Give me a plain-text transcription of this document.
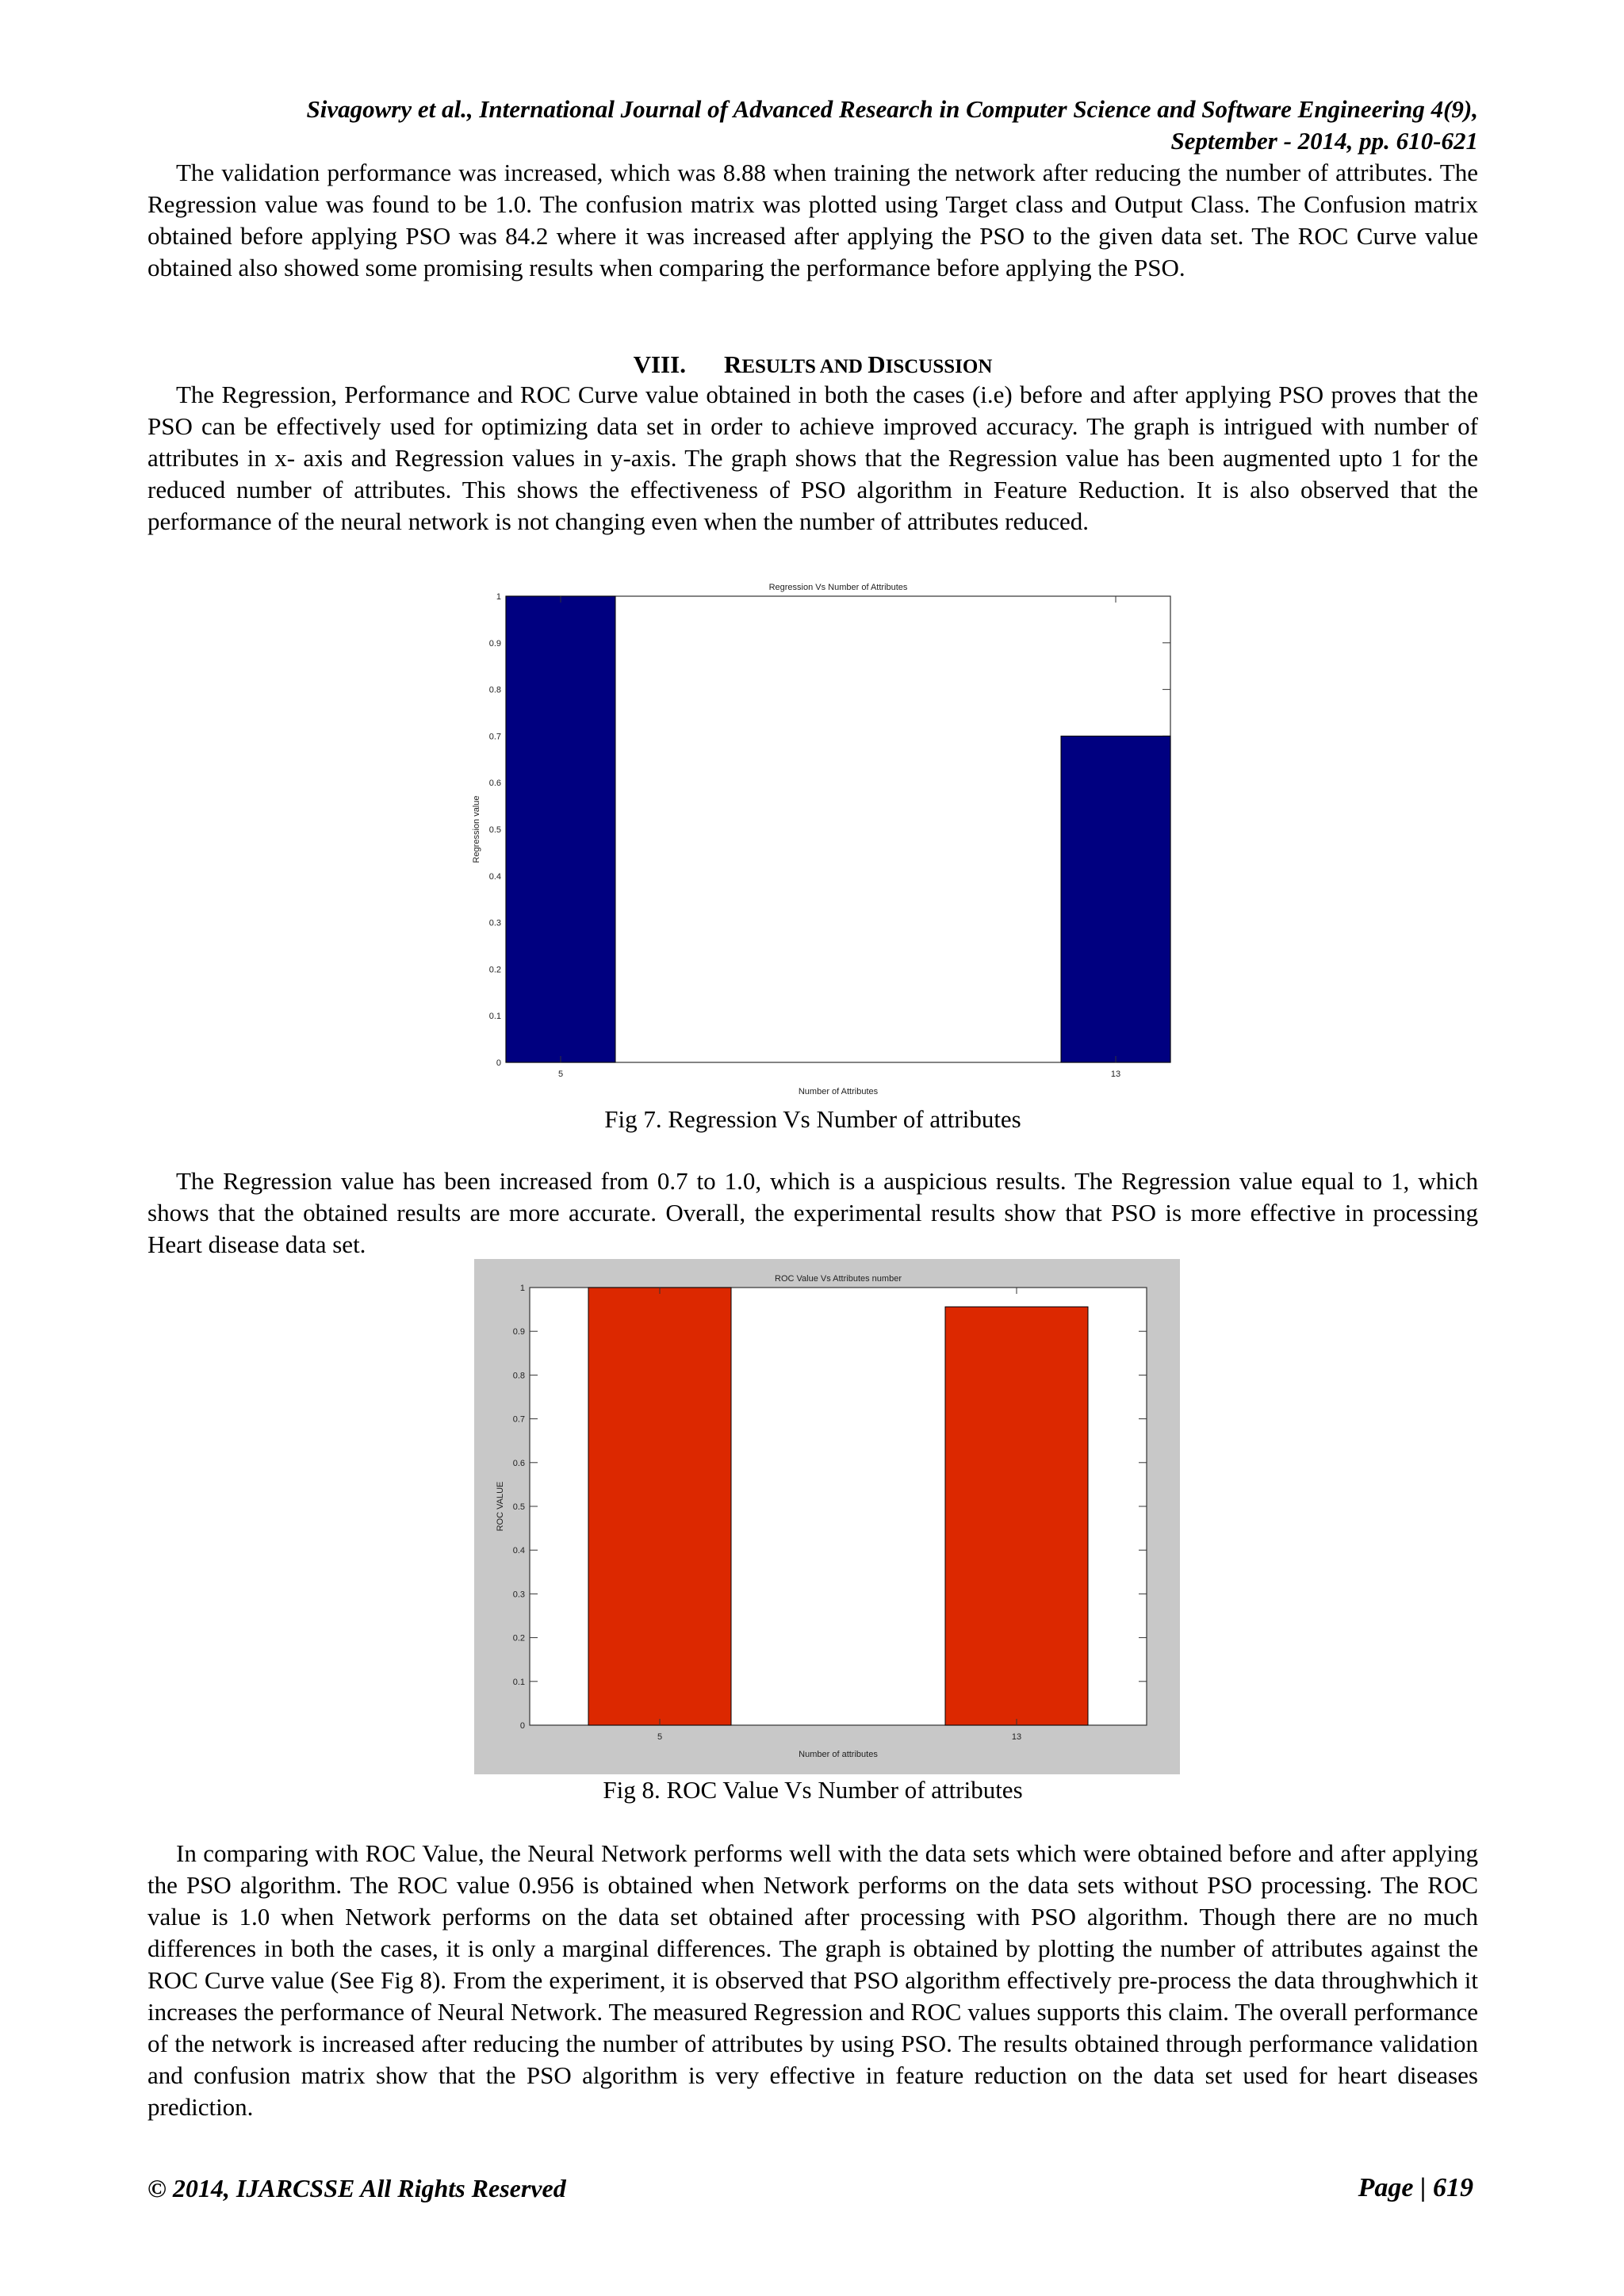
Sivagowry et al., International Journal of Advanced Research in Computer Science and Software Engineering 4(9),
September - 2014, pp. 610-621

The validation performance was increased, which was 8.88 when training the network after reducing the number of attributes. The Regression value was found to be 1.0. The confusion matrix was plotted using Target class and Output Class. The Confusion matrix obtained before applying PSO was 84.2 where it was increased after applying the PSO to the given data set. The ROC Curve value obtained also showed some promising results when comparing the performance before applying the PSO.

VIII. RESULTS AND DISCUSSION

The Regression, Performance and ROC Curve value obtained in both the cases (i.e) before and after applying PSO proves that the PSO can be effectively used for optimizing data set in order to achieve improved accuracy. The graph is intrigued with number of attributes in x- axis and Regression values in y-axis. The graph shows that the Regression value has been augmented upto 1 for the reduced number of attributes. This shows the effectiveness of PSO algorithm in Feature Reduction. It is also observed that the performance of the neural network is not changing even when the number of attributes reduced.

0
0.1
0.2
0.3
0.4
0.5
0.6
0.7
0.8
0.9
1
5	13
Regression Vs Number of Attributes
Number of Attributes
Regression value
Fig 7. Regression Vs Number of attributes

The Regression value has been increased from 0.7 to 1.0, which is a auspicious results. The Regression value equal to 1, which shows that the obtained results are more accurate. Overall, the experimental results show that PSO is more effective in processing Heart disease data set.

0
0.1
0.2
0.3
0.4
0.5
0.6
0.7
0.8
0.9
1
5	13
ROC Value Vs Attributes number
Number of attributes
ROC VALUE
Fig 8. ROC Value Vs Number of attributes

In comparing with ROC Value, the Neural Network performs well with the data sets which were obtained before and after applying the PSO algorithm. The ROC value 0.956 is obtained when Network performs on the data sets without PSO processing. The ROC value is 1.0 when Network performs on the data set obtained after processing with PSO algorithm. Though there are no much differences in both the cases, it is only a marginal differences. The graph is obtained by plotting the number of attributes against the ROC Curve value (See Fig 8). From the experiment, it is observed that PSO algorithm effectively pre-process the data throughwhich it increases the performance of Neural Network. The measured Regression and ROC values supports this claim. The overall performance of the network is increased after reducing the number of attributes by using PSO. The results obtained through performance validation and confusion matrix show that the PSO algorithm is very effective in feature reduction on the data set used for heart diseases prediction.

© 2014, IJARCSSE All Rights Reserved	Page | 619
